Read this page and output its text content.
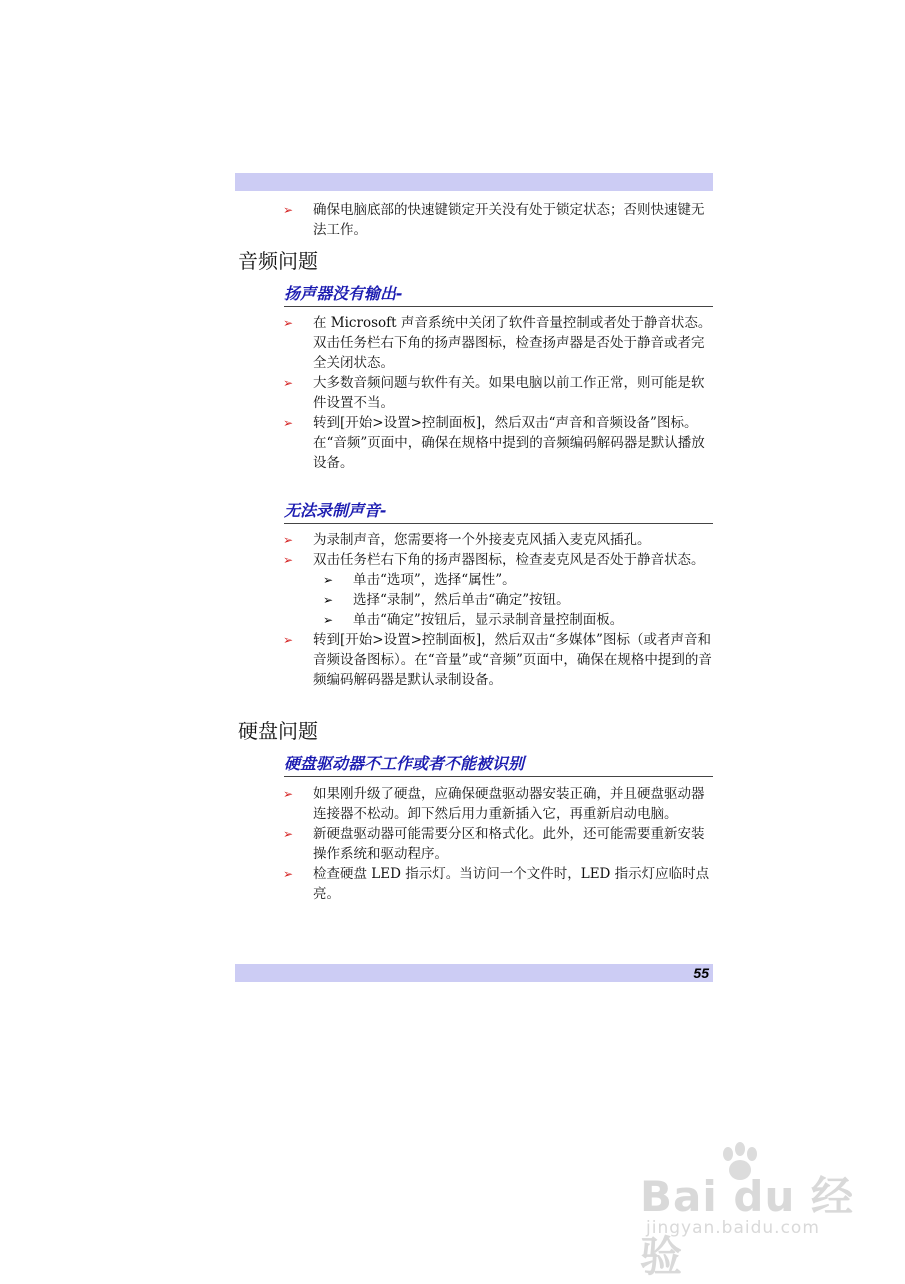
➢ 确保电脑底部的快速键锁定开关没有处于锁定状态；否则快速键无法工作。
音频问题
扬声器没有输出-
➢ 在 Microsoft 声音系统中关闭了软件音量控制或者处于静音状态。
双击任务栏右下角的扬声器图标，检查扬声器是否处于静音或者完全关闭状态。
➢ 大多数音频问题与软件有关。如果电脑以前工作正常，则可能是软件设置不当。
➢ 转到[开始>设置>控制面板]，然后双击“声音和音频设备”图标。在“音频”页面中，确保在规格中提到的音频编码解码器是默认播放设备。
无法录制声音-
➢ 为录制声音，您需要将一个外接麦克风插入麦克风插孔。
➢ 双击任务栏右下角的扬声器图标，检查麦克风是否处于静音状态。
➢ 单击“选项”，选择“属性”。
➢ 选择“录制”，然后单击“确定”按钮。
➢ 单击“确定”按钮后，显示录制音量控制面板。
➢ 转到[开始>设置>控制面板]，然后双击“多媒体”图标（或者声音和音频设备图标）。在“音量”或“音频”页面中，确保在规格中提到的音频编码解码器是默认录制设备。
硬盘问题
硬盘驱动器不工作或者不能被识别
➢ 如果刚升级了硬盘，应确保硬盘驱动器安装正确，并且硬盘驱动器连接器不松动。卸下然后用力重新插入它，再重新启动电脑。
➢ 新硬盘驱动器可能需要分区和格式化。此外，还可能需要重新安装操作系统和驱动程序。
➢ 检查硬盘 LED 指示灯。当访问一个文件时，LED 指示灯应临时点亮。
55
Bai du 经验
jingyan.baidu.com
